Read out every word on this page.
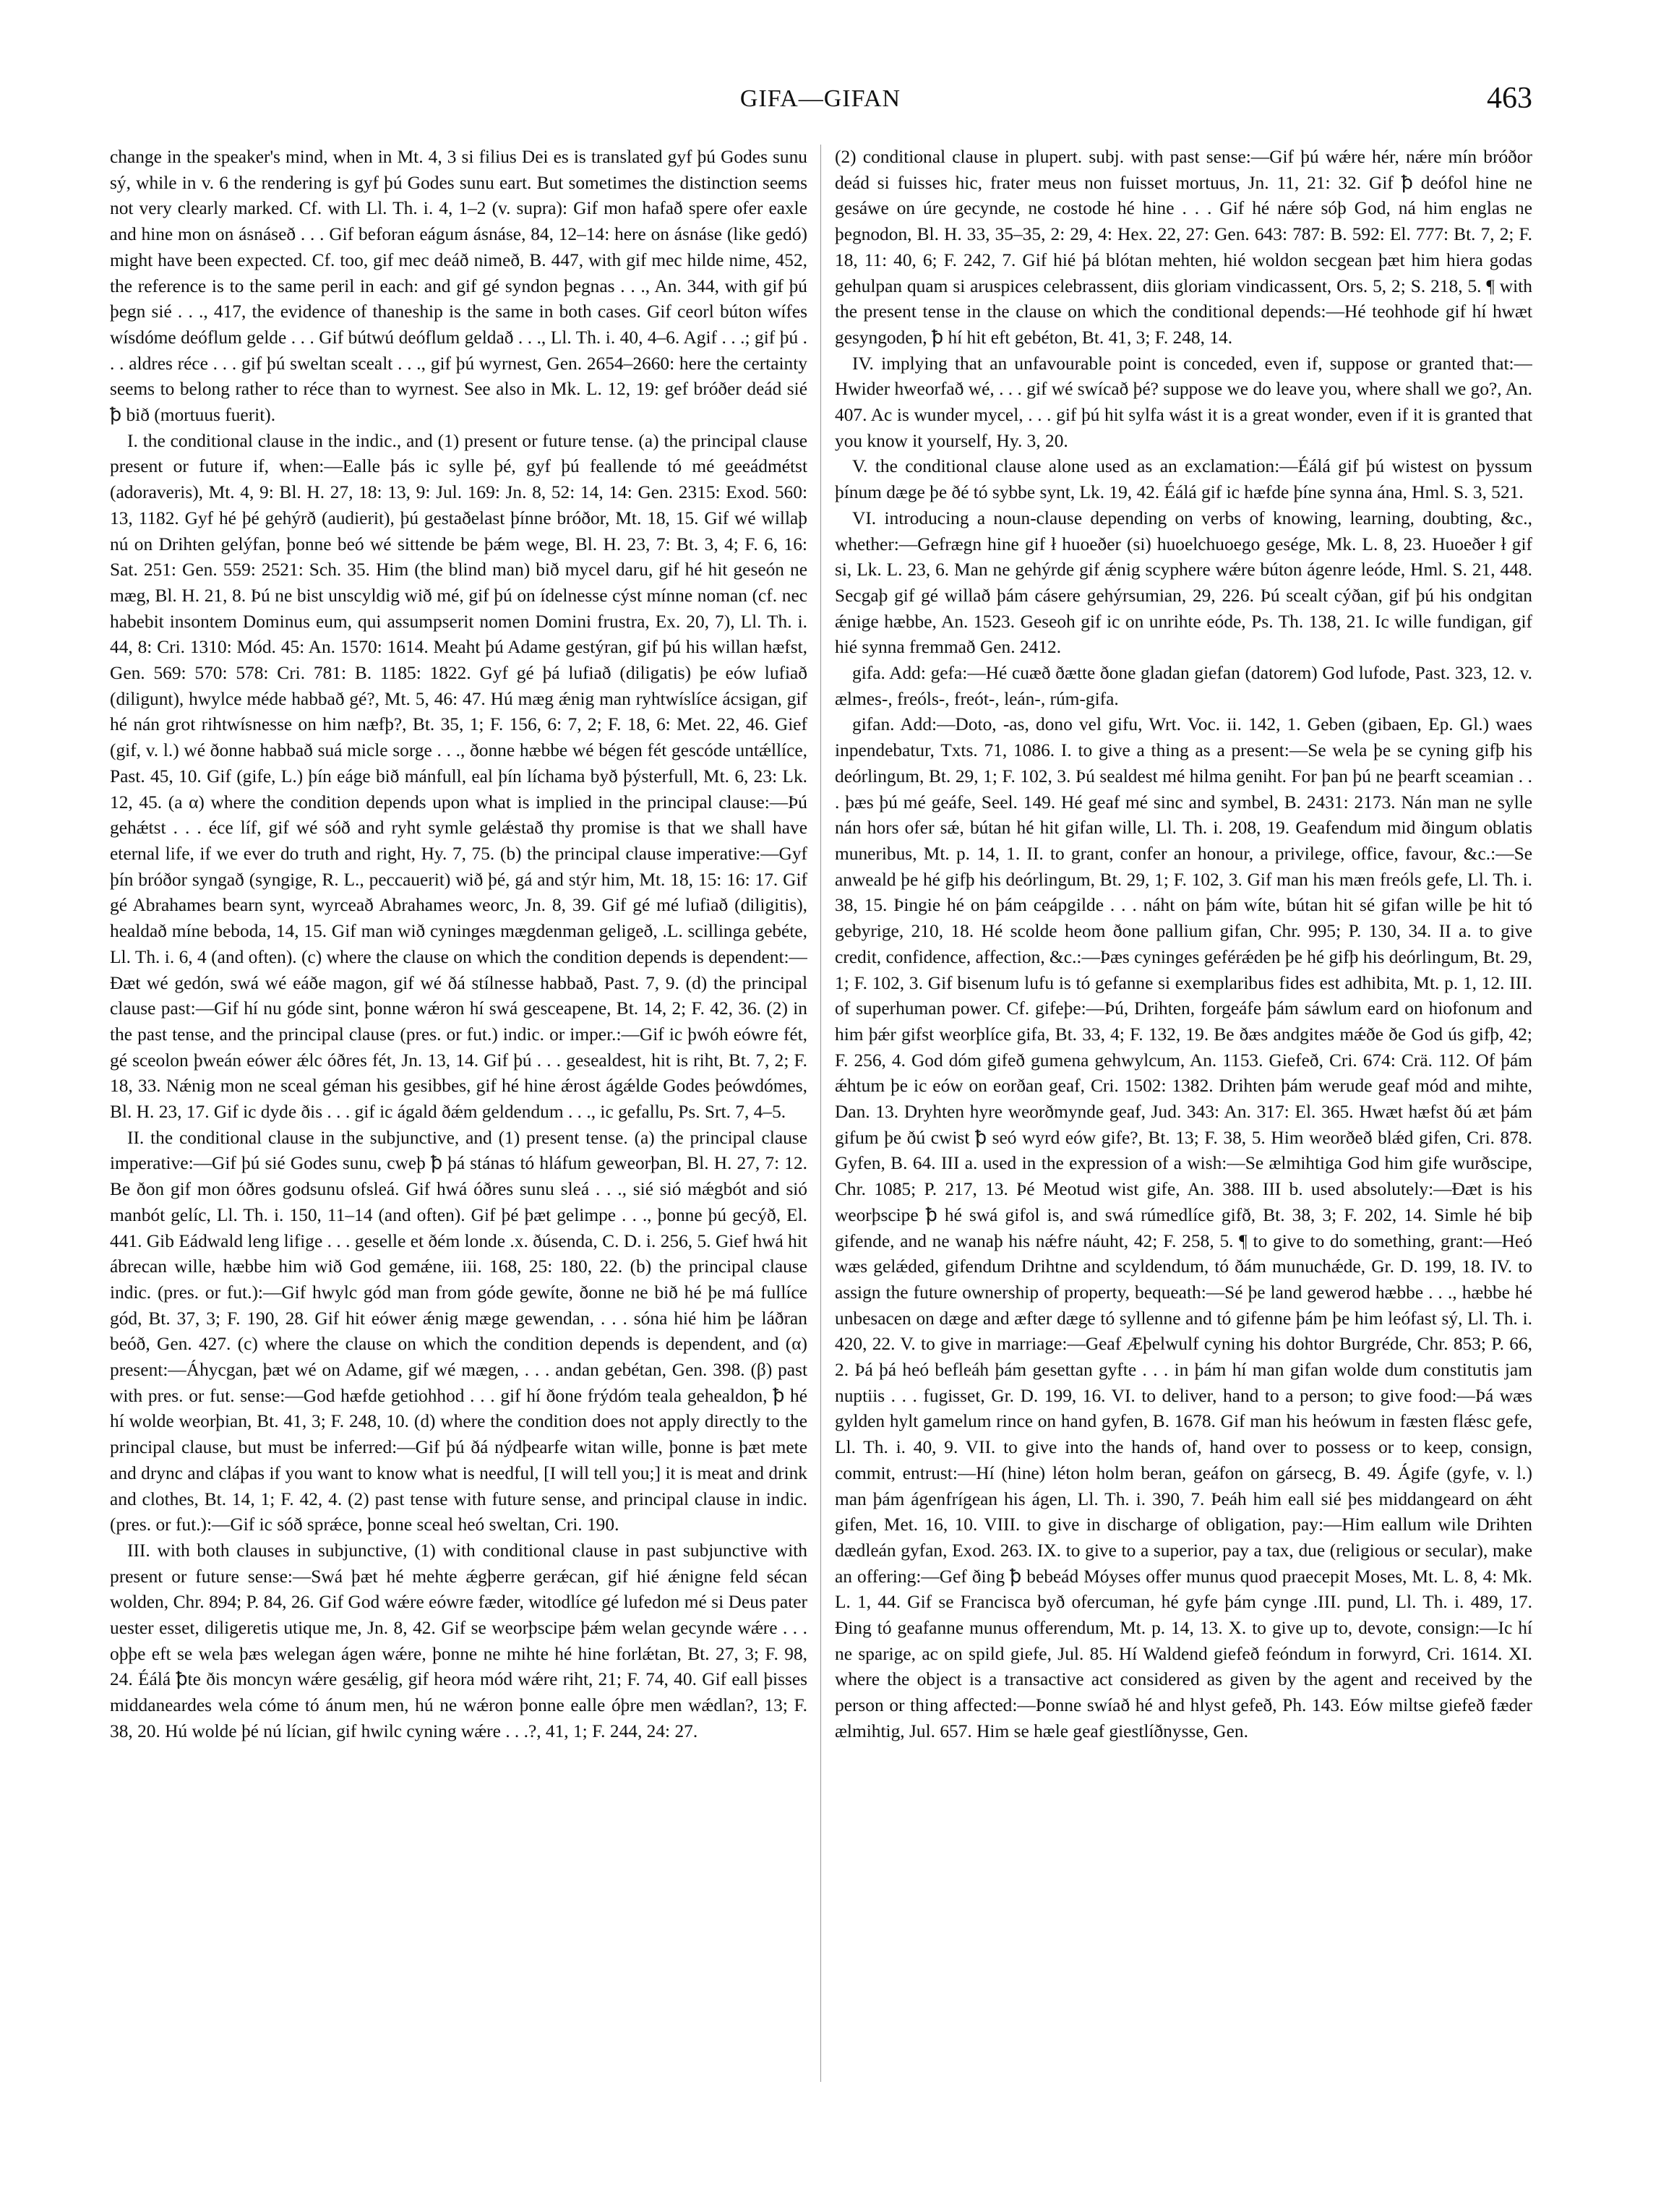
GIFA—GIFAN	463

change in the speaker's mind, when in Mt. 4, 3 si filius Dei es is translated gyf þú Godes sunu sý, while in v. 6 the rendering is gyf þú Godes sunu eart. But sometimes the distinction seems not very clearly marked. Cf. with Ll. Th. i. 4, 1–2 (v. supra): Gif mon hafað spere ofer eaxle and hine mon on ásnáseð . . . Gif beforan eágum ásnáse, 84, 12–14: here on ásnáse (like gedó) might have been expected. Cf. too, gif mec deáð nimeð, B. 447, with gif mec hilde nime, 452, the reference is to the same peril in each: and gif gé syndon þegnas . . ., An. 344, with gif þú þegn sié . . ., 417, the evidence of thaneship is the same in both cases. Gif ceorl búton wífes wísdóme deóflum gelde . . . Gif bútwú deóflum geldað . . ., Ll. Th. i. 40, 4–6. Agif . . .; gif þú . . . aldres réce . . . gif þú sweltan scealt . . ., gif þú wyrnest, Gen. 2654–2660: here the certainty seems to belong rather to réce than to wyrnest. See also in Mk. L. 12, 19: gef bróðer deád sié ꝥ bið (mortuus fuerit).

I. the conditional clause in the indic., and (1) present or future tense. (a) the principal clause present or future if, when:—Ealle þás ic sylle þé, gyf þú feallende tó mé geeádmétst (adoraveris), Mt. 4, 9: Bl. H. 27, 18: 13, 9: Jul. 169: Jn. 8, 52: 14, 14: Gen. 2315: Exod. 560: 13, 1182. Gyf hé þé gehýrð (audierit), þú gestaðelast þínne bróðor, Mt. 18, 15. Gif wé willaþ nú on Drihten gelýfan, þonne beó wé sittende be þǽm wege, Bl. H. 23, 7: Bt. 3, 4; F. 6, 16: Sat. 251: Gen. 559: 2521: Sch. 35. Him (the blind man) bið mycel daru, gif hé hit geseón ne mæg, Bl. H. 21, 8. Þú ne bist unscyldig wið mé, gif þú on ídelnesse cýst mínne noman (cf. nec habebit insontem Dominus eum, qui assumpserit nomen Domini frustra, Ex. 20, 7), Ll. Th. i. 44, 8: Cri. 1310: Mód. 45: An. 1570: 1614. Meaht þú Adame gestýran, gif þú his willan hæfst, Gen. 569: 570: 578: Cri. 781: B. 1185: 1822. Gyf gé þá lufiað (diligatis) þe eów lufiað (diligunt), hwylce méde habbað gé?, Mt. 5, 46: 47. Hú mæg ǽnig man ryhtwíslíce ácsigan, gif hé nán grot rihtwísnesse on him næfþ?, Bt. 35, 1; F. 156, 6: 7, 2; F. 18, 6: Met. 22, 46. Gief (gif, v. l.) wé ðonne habbað suá micle sorge . . ., ðonne hæbbe wé bégen fét gescóde untǽllíce, Past. 45, 10. Gif (gife, L.) þín eáge bið mánfull, eal þín líchama byð þýsterfull, Mt. 6, 23: Lk. 12, 45. (a α) where the condition depends upon what is implied in the principal clause:—Þú gehǽtst . . . éce líf, gif wé sóð and ryht symle gelǽstað thy promise is that we shall have eternal life, if we ever do truth and right, Hy. 7, 75. (b) the principal clause imperative:—Gyf þín bróðor syngað (syngige, R. L., peccauerit) wið þé, gá and stýr him, Mt. 18, 15: 16: 17. Gif gé Abrahames bearn synt, wyrceað Abrahames weorc, Jn. 8, 39. Gif gé mé lufiað (diligitis), healdað míne beboda, 14, 15. Gif man wið cyninges mægdenman geligeð, .L. scillinga gebéte, Ll. Th. i. 6, 4 (and often). (c) where the clause on which the condition depends is dependent:—Ðæt wé gedón, swá wé eáðe magon, gif wé ðá stílnesse habbað, Past. 7, 9. (d) the principal clause past:—Gif hí nu góde sint, þonne wǽron hí swá gesceapene, Bt. 14, 2; F. 42, 36. (2) in the past tense, and the principal clause (pres. or fut.) indic. or imper.:—Gif ic þwóh eówre fét, gé sceolon þweán eówer ǽlc óðres fét, Jn. 13, 14. Gif þú . . . gesealdest, hit is riht, Bt. 7, 2; F. 18, 33. Nǽnig mon ne sceal géman his gesibbes, gif hé hine ǽrost ágǽlde Godes þeówdómes, Bl. H. 23, 17. Gif ic dyde ðis . . . gif ic ágald ðǽm geldendum . . ., ic gefallu, Ps. Srt. 7, 4–5.

II. the conditional clause in the subjunctive, and (1) present tense. (a) the principal clause imperative:—Gif þú sié Godes sunu, cweþ ꝥ þá stánas tó hláfum geweorþan, Bl. H. 27, 7: 12. Be ðon gif mon óðres godsunu ofsleá. Gif hwá óðres sunu sleá . . ., sié sió mǽgbót and sió manbót gelíc, Ll. Th. i. 150, 11–14 (and often). Gif þé þæt gelimpe . . ., þonne þú gecýð, El. 441. Gib Eádwald leng lifige . . . geselle et ðém londe .x. ðúsenda, C. D. i. 256, 5. Gief hwá hit ábrecan wille, hæbbe him wið God gemǽne, iii. 168, 25: 180, 22. (b) the principal clause indic. (pres. or fut.):—Gif hwylc gód man from góde gewíte, ðonne ne bið hé þe má fullíce gód, Bt. 37, 3; F. 190, 28. Gif hit eówer ǽnig mæge gewendan, . . . sóna hié him þe láðran beóð, Gen. 427. (c) where the clause on which the condition depends is dependent, and (α) present:—Áhycgan, þæt wé on Adame, gif wé mægen, . . . andan gebétan, Gen. 398. (β) past with pres. or fut. sense:—God hæfde getiohhod . . . gif hí ðone frýdóm teala gehealdon, ꝥ hé hí wolde weorþian, Bt. 41, 3; F. 248, 10. (d) where the condition does not apply directly to the principal clause, but must be inferred:—Gif þú ðá nýdþearfe witan wille, þonne is þæt mete and drync and cláþas if you want to know what is needful, [I will tell you;] it is meat and drink and clothes, Bt. 14, 1; F. 42, 4. (2) past tense with future sense, and principal clause in indic. (pres. or fut.):—Gif ic sóð sprǽce, þonne sceal heó sweltan, Cri. 190.

III. with both clauses in subjunctive, (1) with conditional clause in past subjunctive with present or future sense:—Swá þæt hé mehte ǽgþerre gerǽcan, gif hié ǽnigne feld sécan wolden, Chr. 894; P. 84, 26. Gif God wǽre eówre fæder, witodlíce gé lufedon mé si Deus pater uester esset, diligeretis utique me, Jn. 8, 42. Gif se weorþscipe þǽm welan gecynde wǽre . . . oþþe eft se wela þæs welegan ágen wǽre, þonne ne mihte hé hine forlǽtan, Bt. 27, 3; F. 98, 24. Éálá ꝥte ðis moncyn wǽre gesǽlig, gif heora mód wǽre riht, 21; F. 74, 40. Gif eall þisses middaneardes wela cóme tó ánum men, hú ne wǽron þonne ealle óþre men wǽdlan?, 13; F. 38, 20. Hú wolde þé nú lícian, gif hwilc cyning wǽre . . .?, 41, 1; F. 244, 24: 27.

(2) conditional clause in plupert. subj. with past sense:—Gif þú wǽre hér, nǽre mín bróðor deád si fuisses hic, frater meus non fuisset mortuus, Jn. 11, 21: 32. Gif ꝥ deófol hine ne gesáwe on úre gecynde, ne costode hé hine . . . Gif hé nǽre sóþ God, ná him englas ne þegnodon, Bl. H. 33, 35–35, 2: 29, 4: Hex. 22, 27: Gen. 643: 787: B. 592: El. 777: Bt. 7, 2; F. 18, 11: 40, 6; F. 242, 7. Gif hié þá blótan mehten, hié woldon secgean þæt him hiera godas gehulpan quam si aruspices celebrassent, diis gloriam vindicassent, Ors. 5, 2; S. 218, 5. ¶ with the present tense in the clause on which the conditional depends:—Hé teohhode gif hí hwæt gesyngoden, ꝥ hí hit eft gebéton, Bt. 41, 3; F. 248, 14.

IV. implying that an unfavourable point is conceded, even if, suppose or granted that:—Hwider hweorfað wé, . . . gif wé swícað þé? suppose we do leave you, where shall we go?, An. 407. Ac is wunder mycel, . . . gif þú hit sylfa wást it is a great wonder, even if it is granted that you know it yourself, Hy. 3, 20.

V. the conditional clause alone used as an exclamation:—Éálá gif þú wistest on þyssum þínum dæge þe ðé tó sybbe synt, Lk. 19, 42. Éálá gif ic hæfde þíne synna ána, Hml. S. 3, 521.

VI. introducing a noun-clause depending on verbs of knowing, learning, doubting, &c., whether:—Gefrægn hine gif ł huoeðer (si) huoelchuoego gesége, Mk. L. 8, 23. Huoeðer ł gif si, Lk. L. 23, 6. Man ne gehýrde gif ǽnig scyphere wǽre búton ágenre leóde, Hml. S. 21, 448. Secgaþ gif gé willað þám cásere gehýrsumian, 29, 226. Þú scealt cýðan, gif þú his ondgitan ǽnige hæbbe, An. 1523. Geseoh gif ic on unrihte eóde, Ps. Th. 138, 21. Ic wille fundigan, gif hié synna fremmað Gen. 2412.

gifa. Add: gefa:—Hé cuæð ðætte ðone gladan giefan (datorem) God lufode, Past. 323, 12. v. ælmes-, freóls-, freót-, leán-, rúm-gifa.

gifan. Add:—Doto, -as, dono vel gifu, Wrt. Voc. ii. 142, 1. Geben (gibaen, Ep. Gl.) waes inpendebatur, Txts. 71, 1086. I. to give a thing as a present:—Se wela þe se cyning gifþ his deórlingum, Bt. 29, 1; F. 102, 3. Þú sealdest mé hilma geniht. For þan þú ne þearft sceamian . . . þæs þú mé geáfe, Seel. 149. Hé geaf mé sinc and symbel, B. 2431: 2173. Nán man ne sylle nán hors ofer sǽ, bútan hé hit gifan wille, Ll. Th. i. 208, 19. Geafendum mid ðingum oblatis muneribus, Mt. p. 14, 1. II. to grant, confer an honour, a privilege, office, favour, &c.:—Se anweald þe hé gifþ his deórlingum, Bt. 29, 1; F. 102, 3. Gif man his mæn freóls gefe, Ll. Th. i. 38, 15. Þingie hé on þám ceápgilde . . . náht on þám wíte, bútan hit sé gifan wille þe hit tó gebyrige, 210, 18. Hé scolde heom ðone pallium gifan, Chr. 995; P. 130, 34. II a. to give credit, confidence, affection, &c.:—Þæs cyninges geférǽden þe hé gifþ his deórlingum, Bt. 29, 1; F. 102, 3. Gif bisenum lufu is tó gefanne si exemplaribus fides est adhibita, Mt. p. 1, 12. III. of superhuman power. Cf. gifeþe:—Þú, Drihten, forgeáfe þám sáwlum eard on hiofonum and him þǽr gifst weorþlíce gifa, Bt. 33, 4; F. 132, 19. Be ðæs andgites mǽðe ðe God ús gifþ, 42; F. 256, 4. God dóm gifeð gumena gehwylcum, An. 1153. Giefeð, Cri. 674: Crä. 112. Of þám ǽhtum þe ic eów on eorðan geaf, Cri. 1502: 1382. Drihten þám werude geaf mód and mihte, Dan. 13. Dryhten hyre weorðmynde geaf, Jud. 343: An. 317: El. 365. Hwæt hæfst ðú æt þám gifum þe ðú cwist ꝥ seó wyrd eów gife?, Bt. 13; F. 38, 5. Him weorðeð blǽd gifen, Cri. 878. Gyfen, B. 64. III a. used in the expression of a wish:—Se ælmihtiga God him gife wurðscipe, Chr. 1085; P. 217, 13. Þé Meotud wist gife, An. 388. III b. used absolutely:—Ðæt is his weorþscipe ꝥ hé swá gifol is, and swá rúmedlíce gifð, Bt. 38, 3; F. 202, 14. Simle hé biþ gifende, and ne wanaþ his nǽfre náuht, 42; F. 258, 5. ¶ to give to do something, grant:—Heó wæs gelǽded, gifendum Drihtne and scyldendum, tó ðám munuchǽde, Gr. D. 199, 18. IV. to assign the future ownership of property, bequeath:—Sé þe land gewerod hæbbe . . ., hæbbe hé unbesacen on dæge and æfter dæge tó syllenne and tó gifenne þám þe him leófast sý, Ll. Th. i. 420, 22. V. to give in marriage:—Geaf Æþelwulf cyning his dohtor Burgréde, Chr. 853; P. 66, 2. Þá þá heó befleáh þám gesettan gyfte . . . in þám hí man gifan wolde dum constitutis jam nuptiis . . . fugisset, Gr. D. 199, 16. VI. to deliver, hand to a person; to give food:—Þá wæs gylden hylt gamelum rince on hand gyfen, B. 1678. Gif man his heówum in fæsten flǽsc gefe, Ll. Th. i. 40, 9. VII. to give into the hands of, hand over to possess or to keep, consign, commit, entrust:—Hí (hine) léton holm beran, geáfon on gársecg, B. 49. Ágife (gyfe, v. l.) man þám ágenfrígean his ágen, Ll. Th. i. 390, 7. Þeáh him eall sié þes middangeard on ǽht gifen, Met. 16, 10. VIII. to give in discharge of obligation, pay:—Him eallum wile Drihten dædleán gyfan, Exod. 263. IX. to give to a superior, pay a tax, due (religious or secular), make an offering:—Gef ðing ꝥ bebeád Móyses offer munus quod praecepit Moses, Mt. L. 8, 4: Mk. L. 1, 44. Gif se Francisca byð ofercuman, hé gyfe þám cynge .III. pund, Ll. Th. i. 489, 17. Ðing tó geafanne munus offerendum, Mt. p. 14, 13. X. to give up to, devote, consign:—Ic hí ne sparige, ac on spild giefe, Jul. 85. Hí Waldend giefeð feóndum in forwyrd, Cri. 1614. XI. where the object is a transactive act considered as given by the agent and received by the person or thing affected:—Þonne swíað hé and hlyst gefeð, Ph. 143. Eów miltse giefeð fæder ælmihtig, Jul. 657. Him se hæle geaf giestlíðnysse, Gen.
